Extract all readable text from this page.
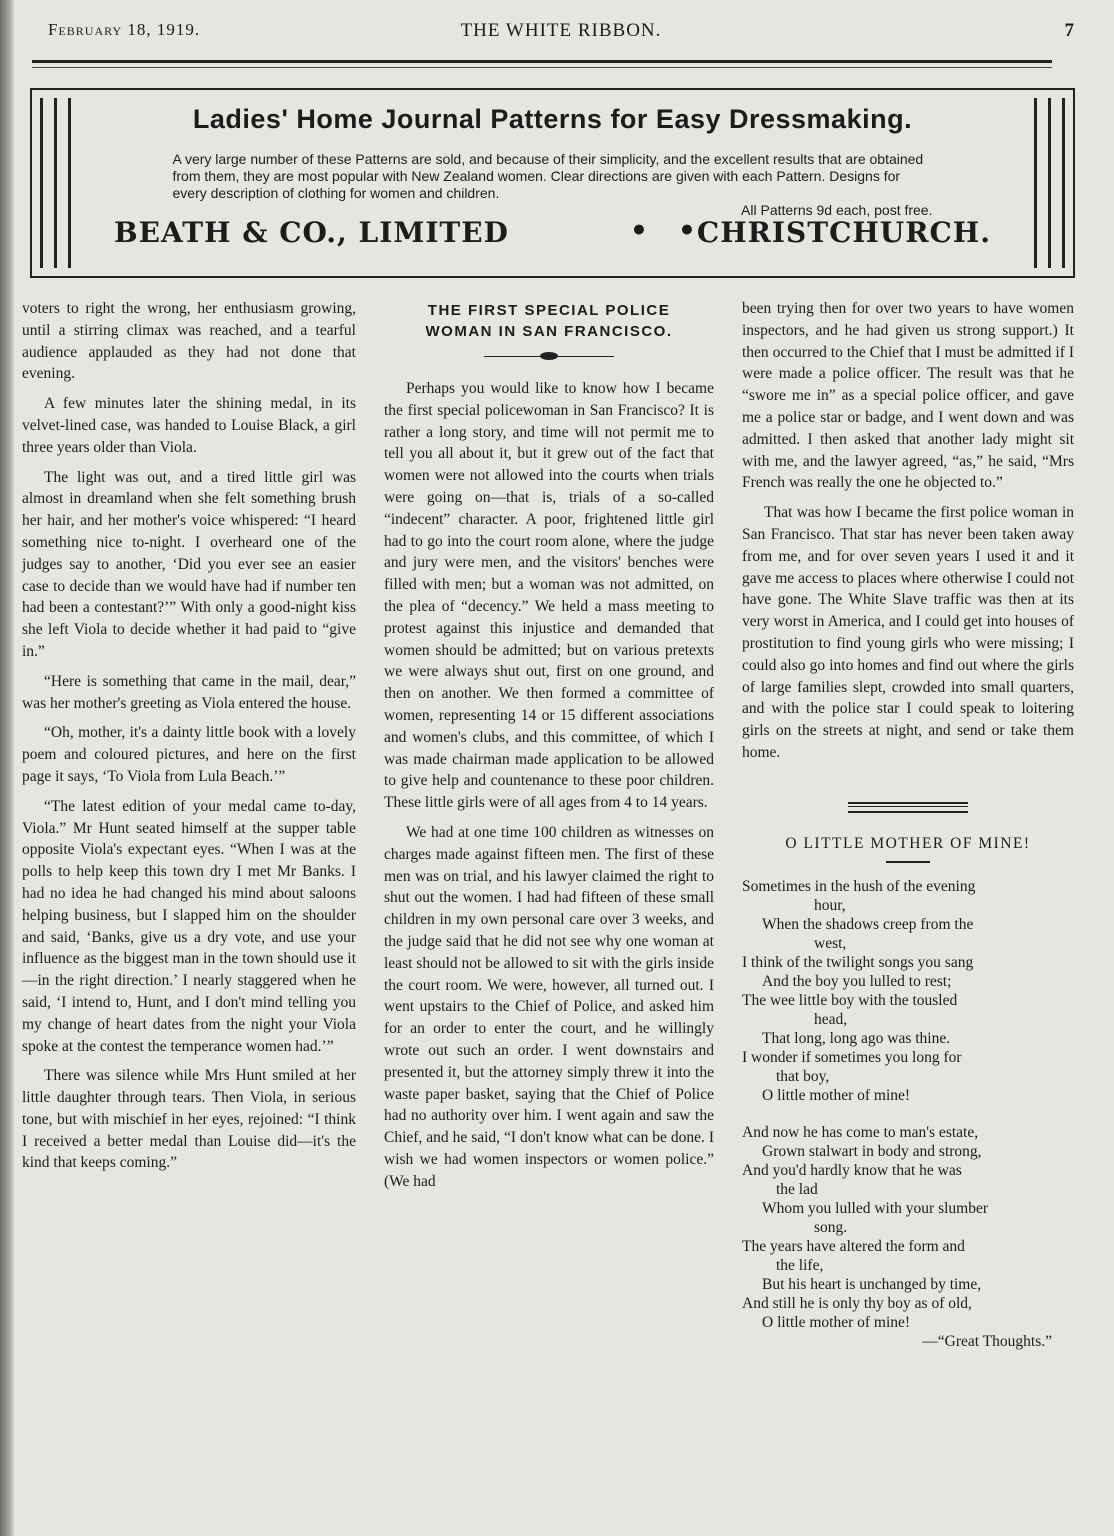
February 18, 1919.	THE WHITE RIBBON.	7
Ladies' Home Journal Patterns for Easy Dressmaking.
A very large number of these Patterns are sold, and because of their simplicity, and the excellent results that are obtained from them, they are most popular with New Zealand women. Clear directions are given with each Pattern. Designs for every description of clothing for women and children.
All Patterns 9d each, post free.
BEATH & CO., LIMITED	• • CHRISTCHURCH.

voters to right the wrong, her enthusiasm growing, until a stirring climax was reached, and a tearful audience applauded as they had not done that evening.

A few minutes later the shining medal, in its velvet-lined case, was handed to Louise Black, a girl three years older than Viola.

The light was out, and a tired little girl was almost in dreamland when she felt something brush her hair, and her mother's voice whispered: “I heard something nice to-night. I overheard one of the judges say to another, ‘Did you ever see an easier case to decide than we would have had if number ten had been a contestant?’” With only a good-night kiss she left Viola to decide whether it had paid to “give in.”

“Here is something that came in the mail, dear,” was her mother's greeting as Viola entered the house.

“Oh, mother, it's a dainty little book with a lovely poem and coloured pictures, and here on the first page it says, ‘To Viola from Lula Beach.’”

“The latest edition of your medal came to-day, Viola.” Mr Hunt seated himself at the supper table opposite Viola's expectant eyes. “When I was at the polls to help keep this town dry I met Mr Banks. I had no idea he had changed his mind about saloons helping business, but I slapped him on the shoulder and said, ‘Banks, give us a dry vote, and use your influence as the biggest man in the town should use it—in the right direction.’ I nearly staggered when he said, ‘I intend to, Hunt, and I don't mind telling you my change of heart dates from the night your Viola spoke at the contest the temperance women had.’”

There was silence while Mrs Hunt smiled at her little daughter through tears. Then Viola, in serious tone, but with mischief in her eyes, rejoined: “I think I received a better medal than Louise did—it's the kind that keeps coming.”

THE FIRST SPECIAL POLICE
WOMAN IN SAN FRANCISCO.

Perhaps you would like to know how I became the first special policewoman in San Francisco? It is rather a long story, and time will not permit me to tell you all about it, but it grew out of the fact that women were not allowed into the courts when trials were going on—that is, trials of a so-called “indecent” character. A poor, frightened little girl had to go into the court room alone, where the judge and jury were men, and the visitors' benches were filled with men; but a woman was not admitted, on the plea of “decency.” We held a mass meeting to protest against this injustice and demanded that women should be admitted; but on various pretexts we were always shut out, first on one ground, and then on another. We then formed a committee of women, representing 14 or 15 different associations and women's clubs, and this committee, of which I was made chairman made application to be allowed to give help and countenance to these poor children. These little girls were of all ages from 4 to 14 years.

We had at one time 100 children as witnesses on charges made against fifteen men. The first of these men was on trial, and his lawyer claimed the right to shut out the women. I had had fifteen of these small children in my own personal care over 3 weeks, and the judge said that he did not see why one woman at least should not be allowed to sit with the girls inside the court room. We were, however, all turned out. I went upstairs to the Chief of Police, and asked him for an order to enter the court, and he willingly wrote out such an order. I went downstairs and presented it, but the attorney simply threw it into the waste paper basket, saying that the Chief of Police had no authority over him. I went again and saw the Chief, and he said, “I don't know what can be done. I wish we had women inspectors or women police.” (We had

been trying then for over two years to have women inspectors, and he had given us strong support.) It then occurred to the Chief that I must be admitted if I were made a police officer. The result was that he “swore me in” as a special police officer, and gave me a police star or badge, and I went down and was admitted. I then asked that another lady might sit with me, and the lawyer agreed, “as,” he said, “Mrs French was really the one he objected to.”

That was how I became the first police woman in San Francisco. That star has never been taken away from me, and for over seven years I used it and it gave me access to places where otherwise I could not have gone. The White Slave traffic was then at its very worst in America, and I could get into houses of prostitution to find young girls who were missing; I could also go into homes and find out where the girls of large families slept, crowded into small quarters, and with the police star I could speak to loitering girls on the streets at night, and send or take them home.

O LITTLE MOTHER OF MINE!
Sometimes in the hush of the evening
hour,
When the shadows creep from the
west,
I think of the twilight songs you sang
And the boy you lulled to rest;
The wee little boy with the tousled
head,
That long, long ago was thine.
I wonder if sometimes you long for
that boy,
O little mother of mine!
And now he has come to man's estate,
Grown stalwart in body and strong,
And you'd hardly know that he was
the lad
Whom you lulled with your slumber
song.
The years have altered the form and
the life,
But his heart is unchanged by time,
And still he is only thy boy as of old,
O little mother of mine!
—“Great Thoughts.”
